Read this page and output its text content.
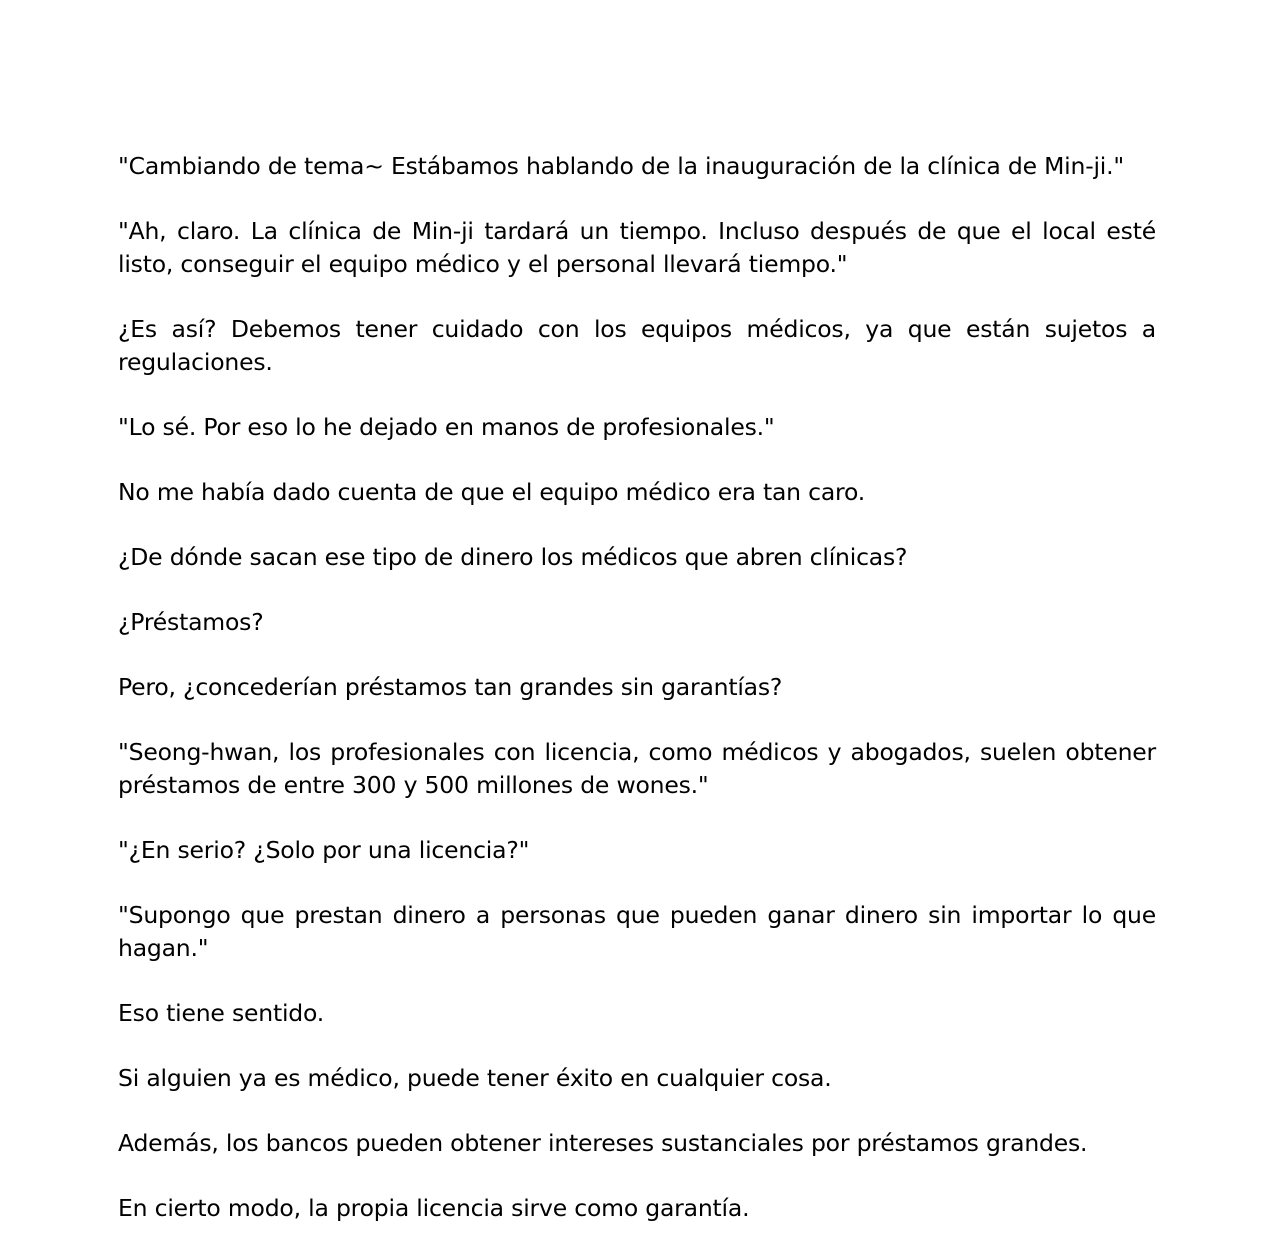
"Cambiando de tema~ Estábamos hablando de la inauguración de la clínica de Min-ji."

"Ah, claro. La clínica de Min-ji tardará un tiempo. Incluso después de que el local esté listo, conseguir el equipo médico y el personal llevará tiempo."

¿Es así? Debemos tener cuidado con los equipos médicos, ya que están sujetos a regulaciones.

"Lo sé. Por eso lo he dejado en manos de profesionales."

No me había dado cuenta de que el equipo médico era tan caro.

¿De dónde sacan ese tipo de dinero los médicos que abren clínicas?

¿Préstamos?

Pero, ¿concederían préstamos tan grandes sin garantías?

"Seong-hwan, los profesionales con licencia, como médicos y abogados, suelen obtener préstamos de entre 300 y 500 millones de wones."

"¿En serio? ¿Solo por una licencia?"

"Supongo que prestan dinero a personas que pueden ganar dinero sin importar lo que hagan."

Eso tiene sentido.

Si alguien ya es médico, puede tener éxito en cualquier cosa.

Además, los bancos pueden obtener intereses sustanciales por préstamos grandes.

En cierto modo, la propia licencia sirve como garantía.
